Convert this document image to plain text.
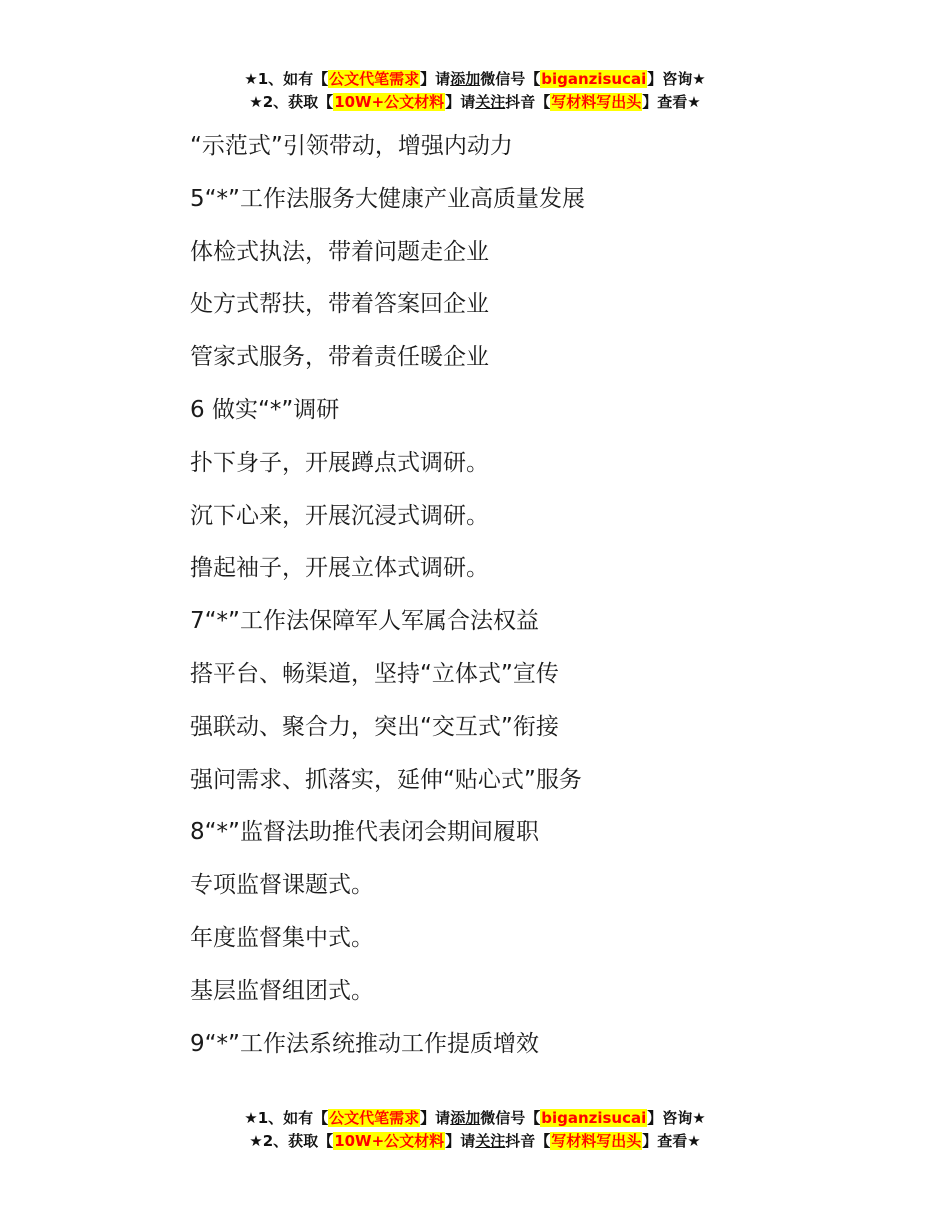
★1、如有【公文代笔需求】请添加微信号【biganzisucai】咨询★
★2、获取【10W+公文材料】请关注抖音【写材料写出头】查看★

“示范式”引领带动，增强内动力

5“*”工作法服务大健康产业高质量发展

体检式执法，带着问题走企业

处方式帮扶，带着答案回企业

管家式服务，带着责任暖企业

6 做实“*”调研

扑下身子，开展蹲点式调研。

沉下心来，开展沉浸式调研。

撸起袖子，开展立体式调研。

7“*”工作法保障军人军属合法权益

搭平台、畅渠道，坚持“立体式”宣传

强联动、聚合力，突出“交互式”衔接

强问需求、抓落实，延伸“贴心式”服务

8“*”监督法助推代表闭会期间履职

专项监督课题式。

年度监督集中式。

基层监督组团式。

9“*”工作法系统推动工作提质增效

★1、如有【公文代笔需求】请添加微信号【biganzisucai】咨询★
★2、获取【10W+公文材料】请关注抖音【写材料写出头】查看★
